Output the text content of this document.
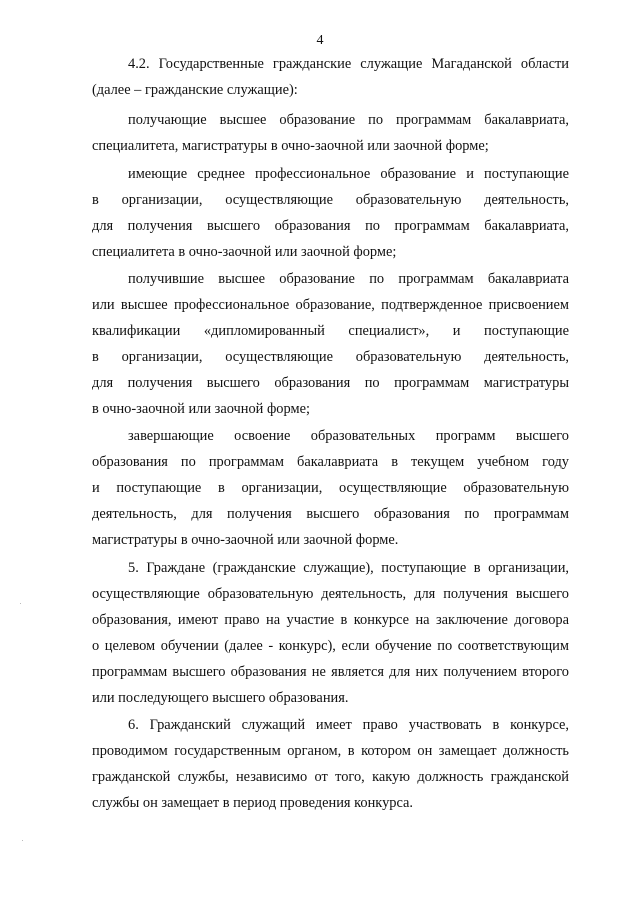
4
4.2. Государственные гражданские служащие Магаданской области
(далее – гражданские служащие):
получающие высшее образование по программам бакалавриата,
специалитета, магистратуры в очно-заочной или заочной форме;
имеющие среднее профессиональное образование и поступающие
в организации, осуществляющие образовательную деятельность,
для получения высшего образования по программам бакалавриата,
специалитета в очно-заочной или заочной форме;
получившие высшее образование по программам бакалавриата
или высшее профессиональное образование, подтвержденное присвоением
квалификации «дипломированный специалист», и поступающие
в организации, осуществляющие образовательную деятельность,
для получения высшего образования по программам магистратуры
в очно-заочной или заочной форме;
завершающие освоение образовательных программ высшего
образования по программам бакалавриата в текущем учебном году
и поступающие в организации, осуществляющие образовательную
деятельность, для получения высшего образования по программам
магистратуры в очно-заочной или заочной форме.
5. Граждане (гражданские служащие), поступающие в организации,
осуществляющие образовательную деятельность, для получения высшего
образования, имеют право на участие в конкурсе на заключение договора
о целевом обучении (далее - конкурс), если обучение по соответствующим
программам высшего образования не является для них получением второго
или последующего высшего образования.
6. Гражданский служащий имеет право участвовать в конкурсе,
проводимом государственным органом, в котором он замещает должность
гражданской службы, независимо от того, какую должность гражданской
службы он замещает в период проведения конкурса.
